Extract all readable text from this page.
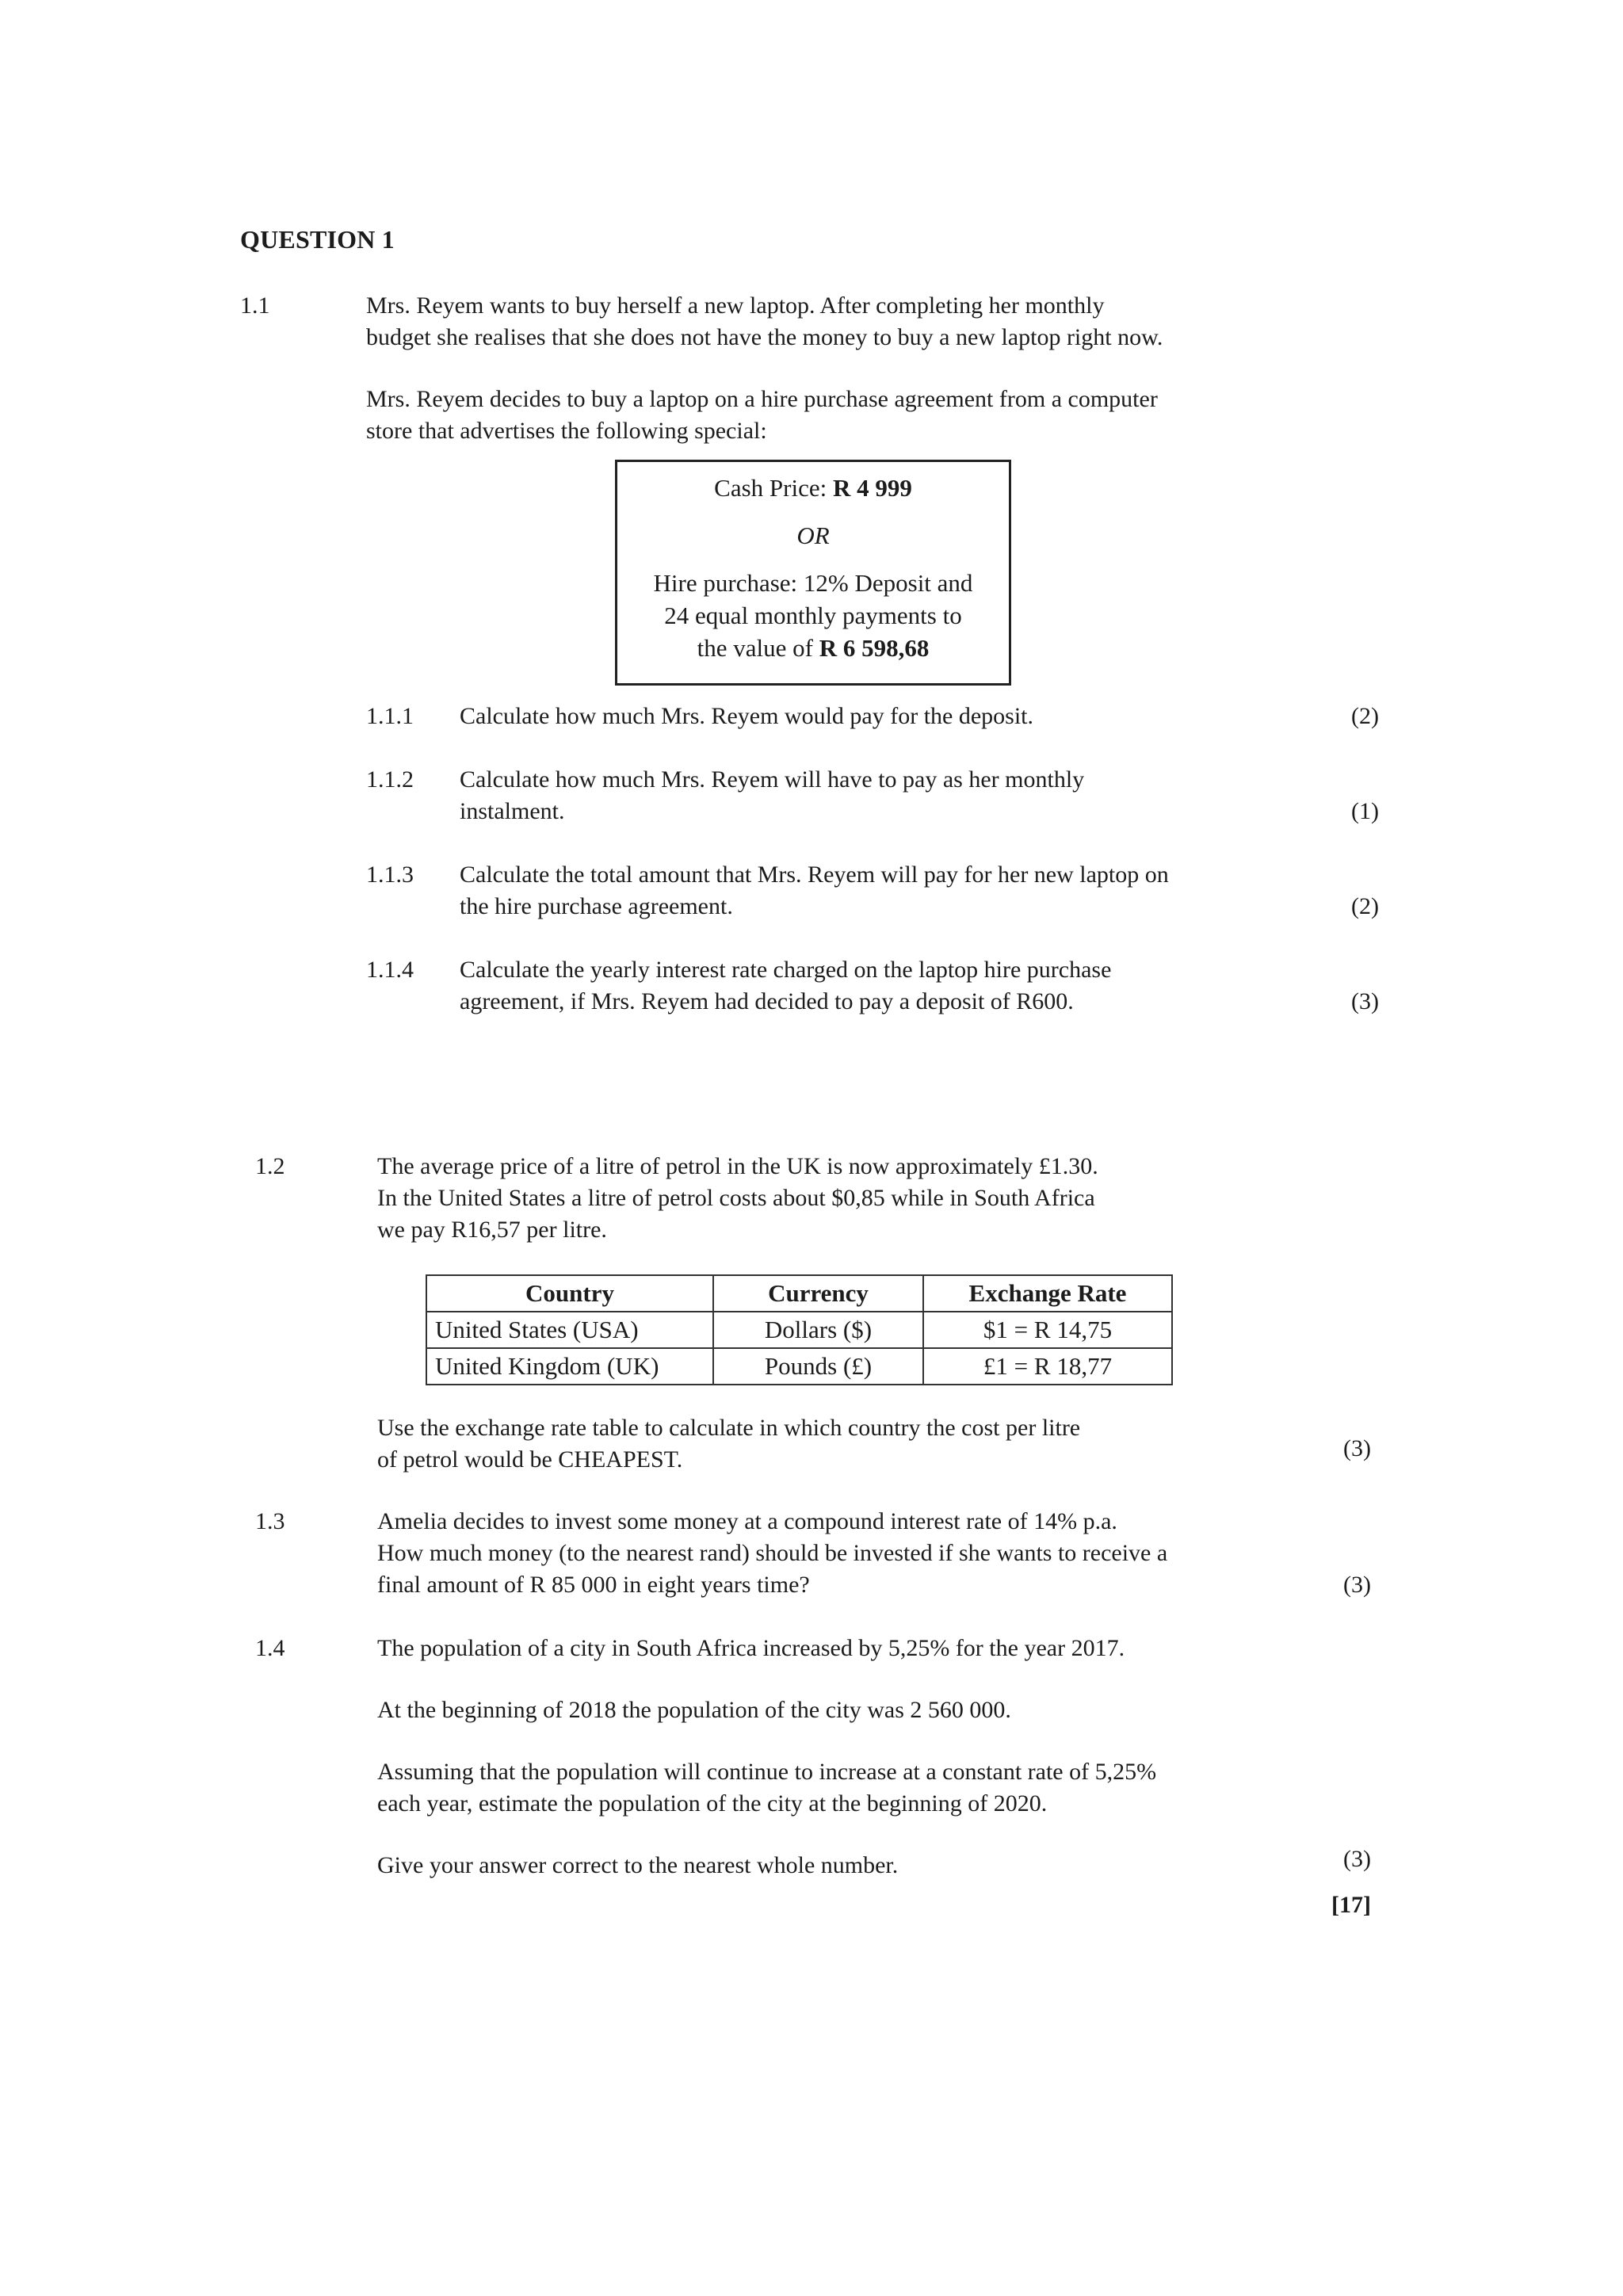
QUESTION 1
1.1	Mrs. Reyem wants to buy herself a new laptop. After completing her monthly
budget she realises that she does not have the money to buy a new laptop right now.
Mrs. Reyem decides to buy a laptop on a hire purchase agreement from a computer
store that advertises the following special:
Cash Price: R 4 999
OR
Hire purchase: 12% Deposit and
24 equal monthly payments to
the value of R 6 598,68
1.1.1	Calculate how much Mrs. Reyem would pay for the deposit.	(2)
1.1.2	Calculate how much Mrs. Reyem will have to pay as her monthly
instalment.	(1)
1.1.3	Calculate the total amount that Mrs. Reyem will pay for her new laptop on
the hire purchase agreement.	(2)
1.1.4	Calculate the yearly interest rate charged on the laptop hire purchase
agreement, if Mrs. Reyem had decided to pay a deposit of R600.	(3)
1.2	The average price of a litre of petrol in the UK is now approximately £1.30.
In the United States a litre of petrol costs about $0,85 while in South Africa
we pay R16,57 per litre.
Country	Currency	Exchange Rate
United States (USA)	Dollars ($)	$1 = R 14,75
United Kingdom (UK)	Pounds (£)	£1 = R 18,77
Use the exchange rate table to calculate in which country the cost per litre
of petrol would be CHEAPEST.	(3)
1.3	Amelia decides to invest some money at a compound interest rate of 14% p.a.
How much money (to the nearest rand) should be invested if she wants to receive a
final amount of R 85 000 in eight years time?	(3)
1.4	The population of a city in South Africa increased by 5,25% for the year 2017.
At the beginning of 2018 the population of the city was 2 560 000.
Assuming that the population will continue to increase at a constant rate of 5,25%
each year, estimate the population of the city at the beginning of 2020.
Give your answer correct to the nearest whole number.	(3)
[17]
